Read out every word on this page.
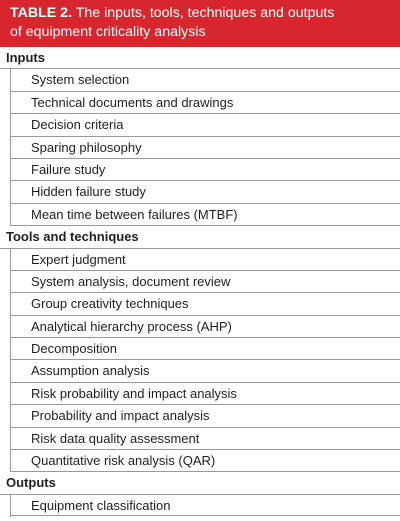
TABLE 2. The inputs, tools, techniques and outputs
of equipment criticality analysis
Inputs
System selection
Technical documents and drawings
Decision criteria
Sparing philosophy
Failure study
Hidden failure study
Mean time between failures (MTBF)
Tools and techniques
Expert judgment
System analysis, document review
Group creativity techniques
Analytical hierarchy process (AHP)
Decomposition
Assumption analysis
Risk probability and impact analysis
Probability and impact analysis
Risk data quality assessment
Quantitative risk analysis (QAR)
Outputs
Equipment classification
